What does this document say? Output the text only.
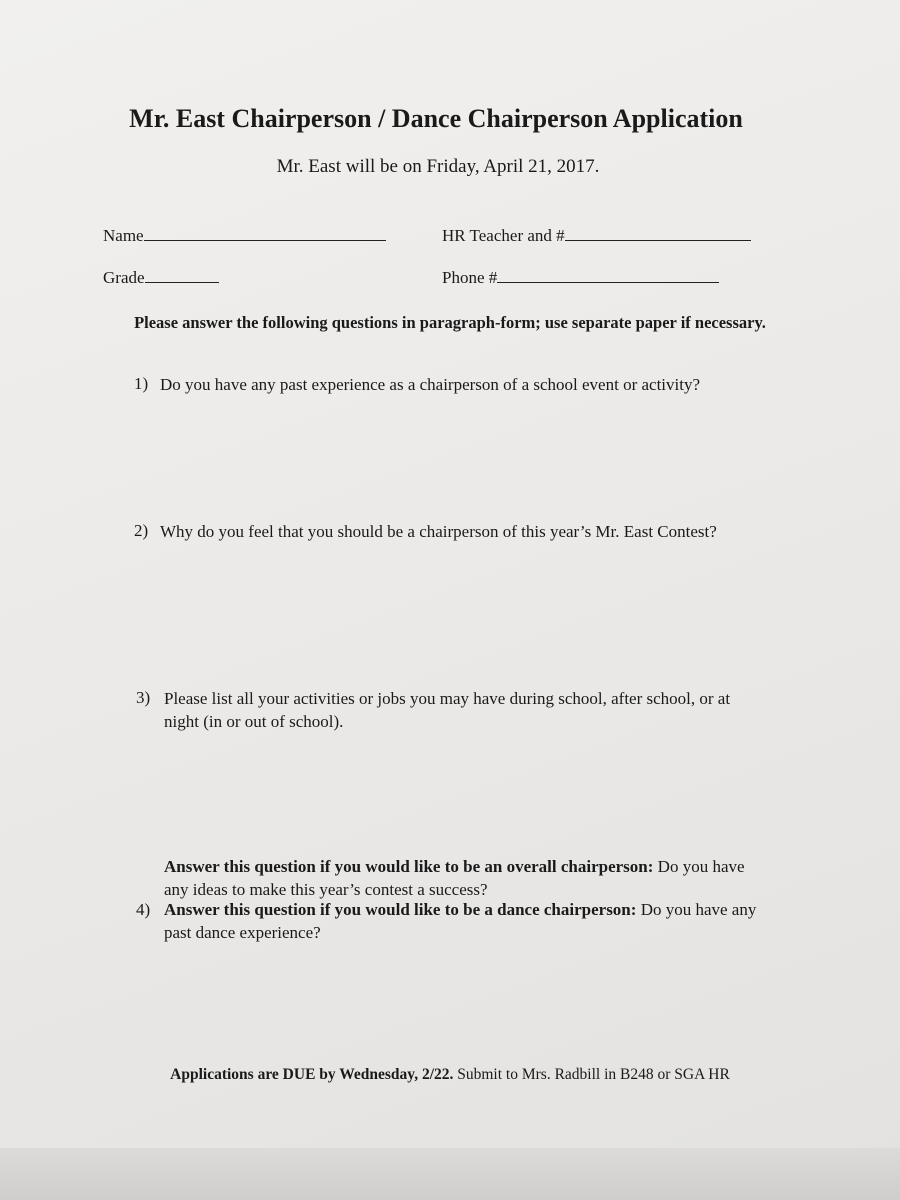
Mr. East Chairperson / Dance Chairperson Application
Mr. East will be on Friday, April 21, 2017.
Name	HR Teacher and #
Grade	Phone #
Please answer the following questions in paragraph-form; use separate paper if necessary.
1) Do you have any past experience as a chairperson of a school event or activity?
2) Why do you feel that you should be a chairperson of this year’s Mr. East Contest?
3) Please list all your activities or jobs you may have during school, after school, or at night (in or out of school).
Answer this question if you would like to be an overall chairperson: Do you have any ideas to make this year’s contest a success?
4) Answer this question if you would like to be a dance chairperson: Do you have any past dance experience?
Applications are DUE by Wednesday, 2/22. Submit to Mrs. Radbill in B248 or SGA HR
